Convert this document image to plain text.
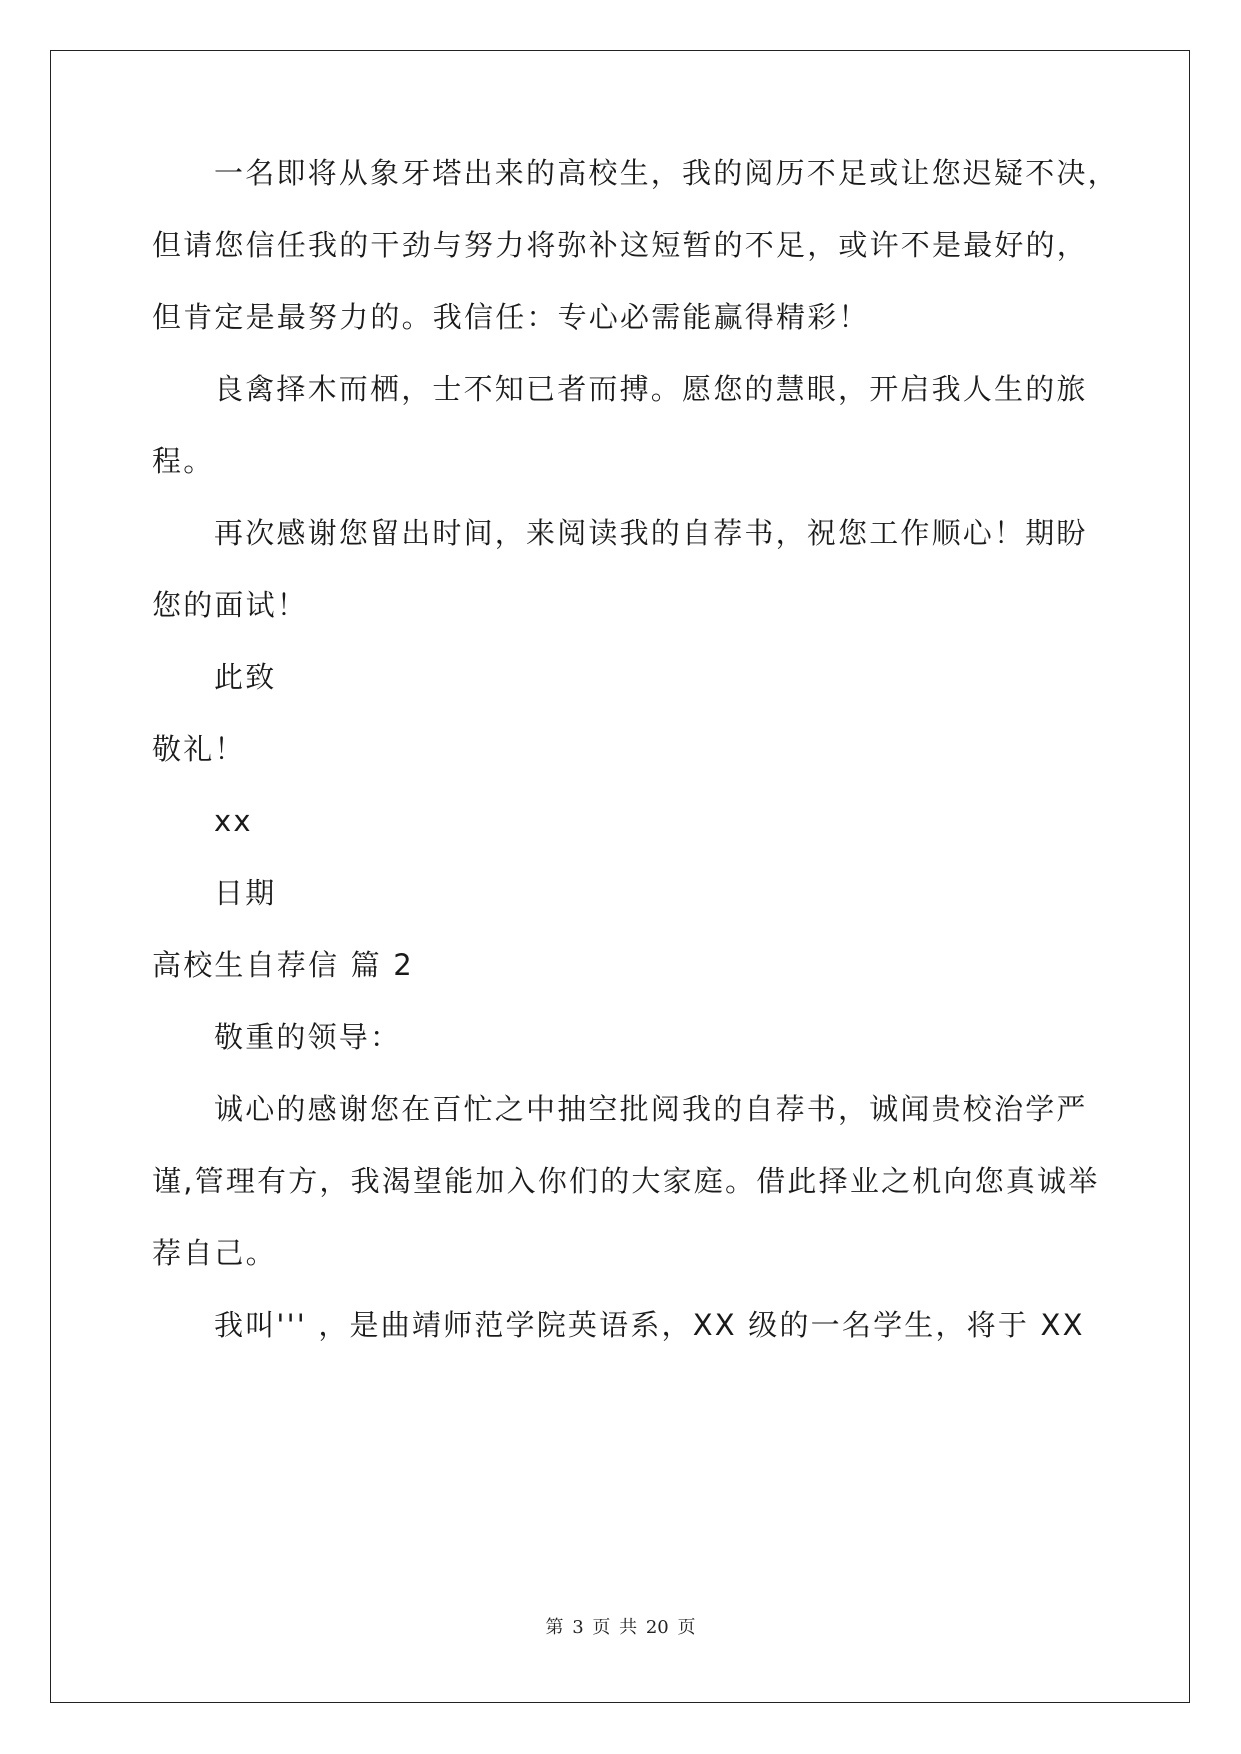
一名即将从象牙塔出来的高校生，我的阅历不足或让您迟疑不决，
但请您信任我的干劲与努力将弥补这短暂的不足，或许不是最好的，
但肯定是最努力的。我信任：专心必需能赢得精彩！
良禽择木而栖，士不知已者而搏。愿您的慧眼，开启我人生的旅
程。
再次感谢您留出时间，来阅读我的自荐书，祝您工作顺心！期盼
您的面试！
此致
敬礼！
xx
日期
高校生自荐信 篇 2
敬重的领导：
诚心的感谢您在百忙之中抽空批阅我的自荐书，诚闻贵校治学严
谨,管理有方，我渴望能加入你们的大家庭。借此择业之机向您真诚举
荐自己。
我叫''' ，是曲靖师范学院英语系，XX 级的一名学生，将于 XX
第 3 页 共 20 页
